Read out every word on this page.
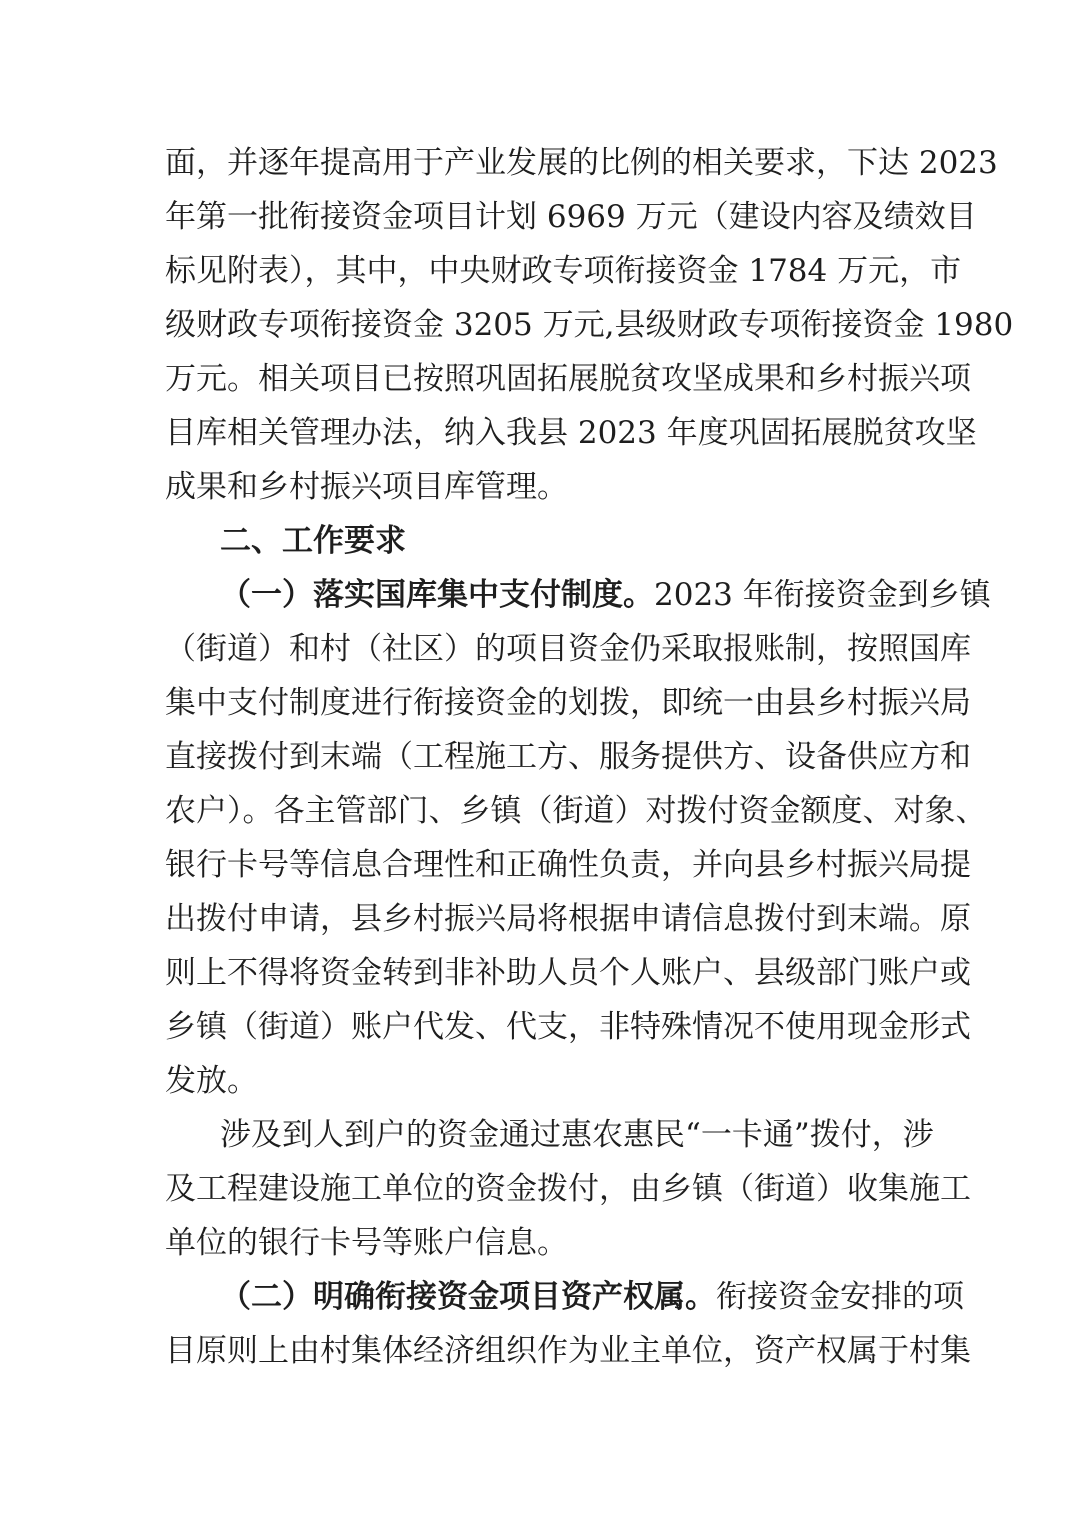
面，并逐年提高用于产业发展的比例的相关要求，下达 2023

年第一批衔接资金项目计划 6969 万元（建设内容及绩效目

标见附表），其中，中央财政专项衔接资金 1784 万元，市

级财政专项衔接资金 3205 万元,县级财政专项衔接资金 1980

万元。相关项目已按照巩固拓展脱贫攻坚成果和乡村振兴项

目库相关管理办法，纳入我县 2023 年度巩固拓展脱贫攻坚

成果和乡村振兴项目库管理。

二、工作要求

（一）落实国库集中支付制度。2023 年衔接资金到乡镇

（街道）和村（社区）的项目资金仍采取报账制，按照国库

集中支付制度进行衔接资金的划拨，即统一由县乡村振兴局

直接拨付到末端（工程施工方、服务提供方、设备供应方和

农户）。各主管部门、乡镇（街道）对拨付资金额度、对象、

银行卡号等信息合理性和正确性负责，并向县乡村振兴局提

出拨付申请，县乡村振兴局将根据申请信息拨付到末端。原

则上不得将资金转到非补助人员个人账户、县级部门账户或

乡镇（街道）账户代发、代支，非特殊情况不使用现金形式

发放。

涉及到人到户的资金通过惠农惠民“一卡通”拨付，涉

及工程建设施工单位的资金拨付，由乡镇（街道）收集施工

单位的银行卡号等账户信息。

（二）明确衔接资金项目资产权属。衔接资金安排的项

目原则上由村集体经济组织作为业主单位，资产权属于村集
